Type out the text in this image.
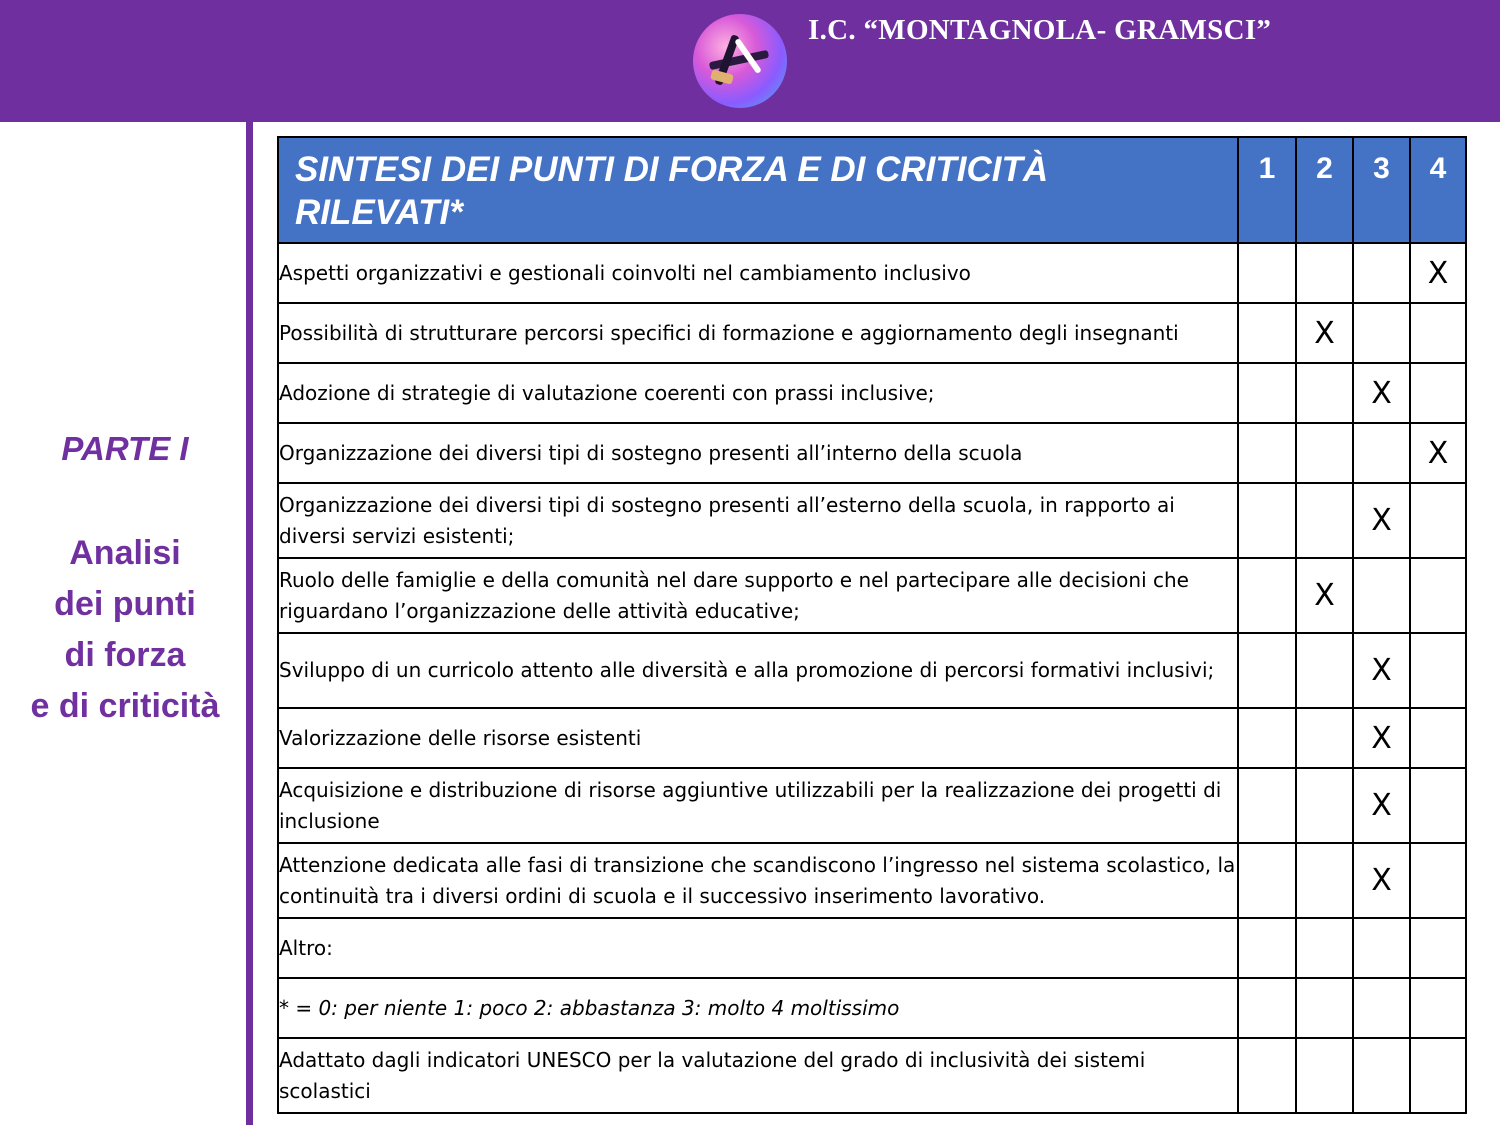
I.C. “MONTAGNOLA- GRAMSCI”
PARTE I
Analisi
dei punti
di forza
e di criticità
SINTESI DEI PUNTI DI FORZA E DI CRITICITÀ RILEVATI*	1	2	3	4
Aspetti organizzativi e gestionali coinvolti nel cambiamento inclusivo				X
Possibilità di strutturare percorsi specifici di formazione e aggiornamento degli insegnanti		X		
Adozione di strategie di valutazione coerenti con prassi inclusive;			X	
Organizzazione dei diversi tipi di sostegno presenti all’interno della scuola				X
Organizzazione dei diversi tipi di sostegno presenti all’esterno della scuola, in rapporto ai diversi servizi esistenti;			X	
Ruolo delle famiglie e della comunità nel dare supporto e nel partecipare alle decisioni che riguardano l’organizzazione delle attività educative;		X		
Sviluppo di un curricolo attento alle diversità e alla promozione di percorsi formativi inclusivi;			X	
Valorizzazione delle risorse esistenti			X	
Acquisizione e distribuzione di risorse aggiuntive utilizzabili per la realizzazione dei progetti di inclusione			X	
Attenzione dedicata alle fasi di transizione che scandiscono l’ingresso nel sistema scolastico, la continuità tra i diversi ordini di scuola e il successivo inserimento lavorativo.			X	
Altro:				
* = 0: per niente 1: poco 2: abbastanza 3: molto 4 moltissimo				
Adattato dagli indicatori UNESCO per la valutazione del grado di inclusività dei sistemi scolastici				
